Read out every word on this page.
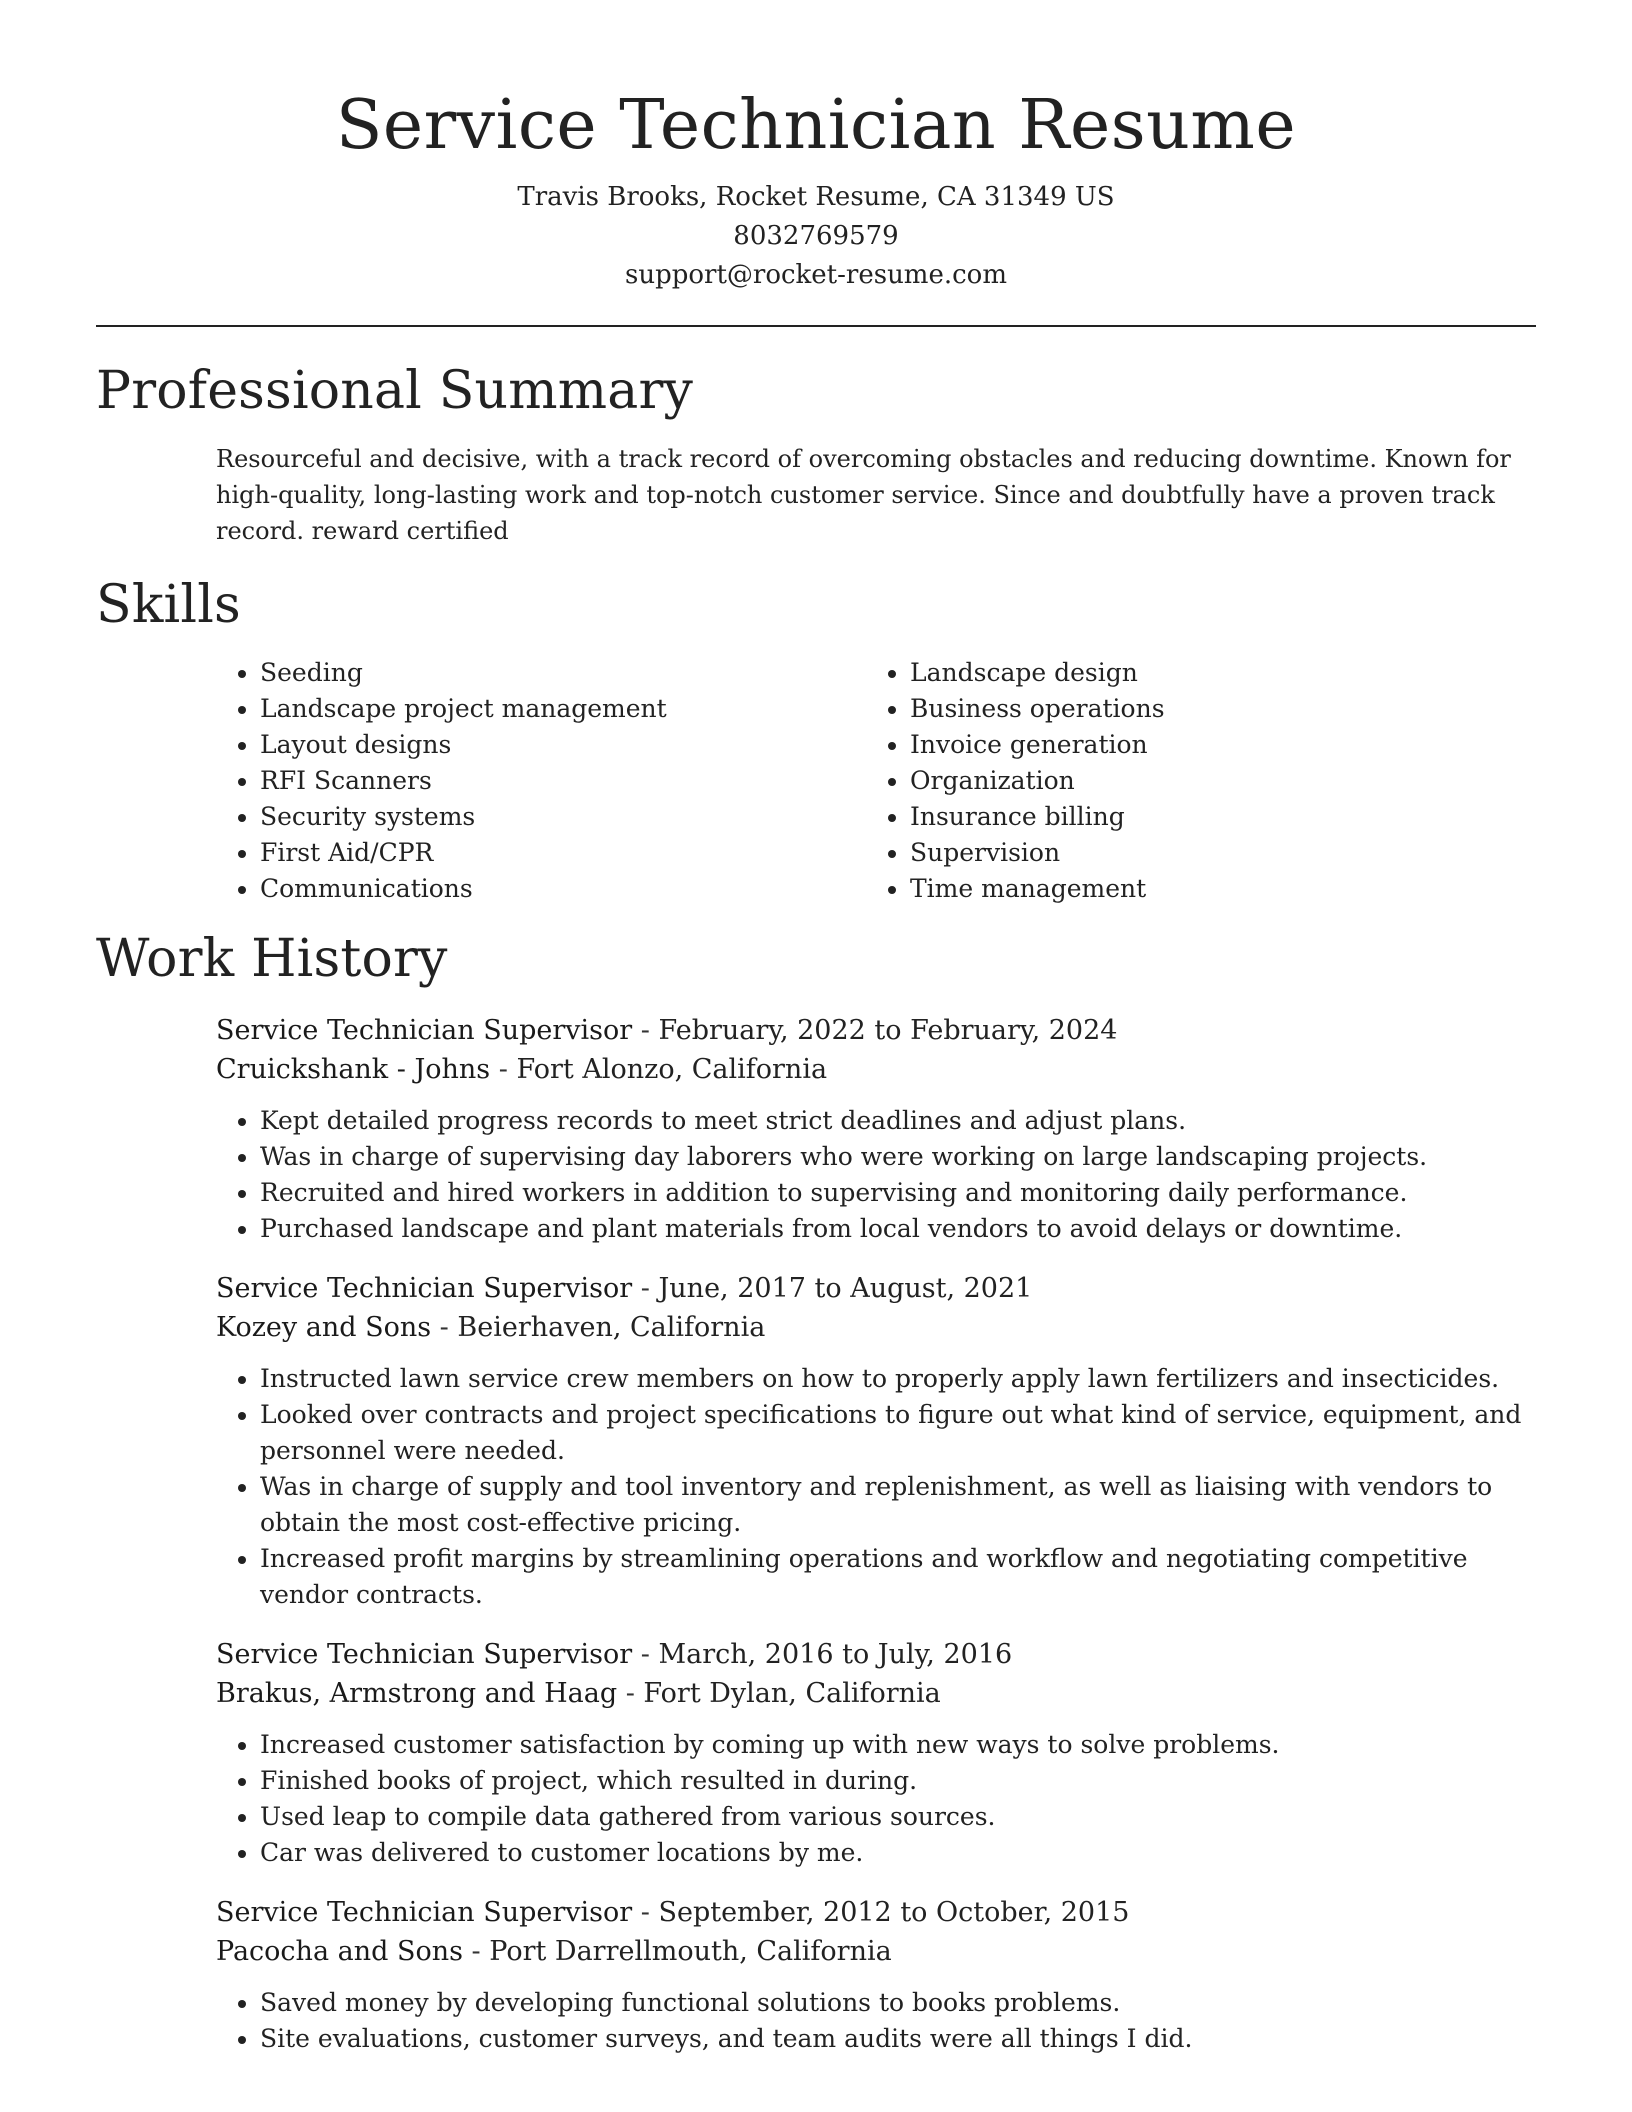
Service Technician Resume
Travis Brooks, Rocket Resume, CA 31349 US
8032769579
support@rocket-resume.com
Professional Summary

Resourceful and decisive, with a track record of overcoming obstacles and reducing downtime. Known for high-quality, long-lasting work and top-notch customer service. Since and doubtfully have a proven track record. reward certified

Skills
• Seeding
• Landscape project management
• Layout designs
• RFI Scanners
• Security systems
• First Aid/CPR
• Communications
• Landscape design
• Business operations
• Invoice generation
• Organization
• Insurance billing
• Supervision
• Time management
Work History
Service Technician Supervisor - February, 2022 to February, 2024
Cruickshank - Johns - Fort Alonzo, California
• Kept detailed progress records to meet strict deadlines and adjust plans.
• Was in charge of supervising day laborers who were working on large landscaping projects.
• Recruited and hired workers in addition to supervising and monitoring daily performance.
• Purchased landscape and plant materials from local vendors to avoid delays or downtime.
Service Technician Supervisor - June, 2017 to August, 2021
Kozey and Sons - Beierhaven, California
• Instructed lawn service crew members on how to properly apply lawn fertilizers and insecticides.
• Looked over contracts and project specifications to figure out what kind of service, equipment, and personnel were needed.
• Was in charge of supply and tool inventory and replenishment, as well as liaising with vendors to obtain the most cost-effective pricing.
• Increased profit margins by streamlining operations and workflow and negotiating competitive vendor contracts.
Service Technician Supervisor - March, 2016 to July, 2016
Brakus, Armstrong and Haag - Fort Dylan, California
• Increased customer satisfaction by coming up with new ways to solve problems.
• Finished books of project, which resulted in during.
• Used leap to compile data gathered from various sources.
• Car was delivered to customer locations by me.
Service Technician Supervisor - September, 2012 to October, 2015
Pacocha and Sons - Port Darrellmouth, California
• Saved money by developing functional solutions to books problems.
• Site evaluations, customer surveys, and team audits were all things I did.
